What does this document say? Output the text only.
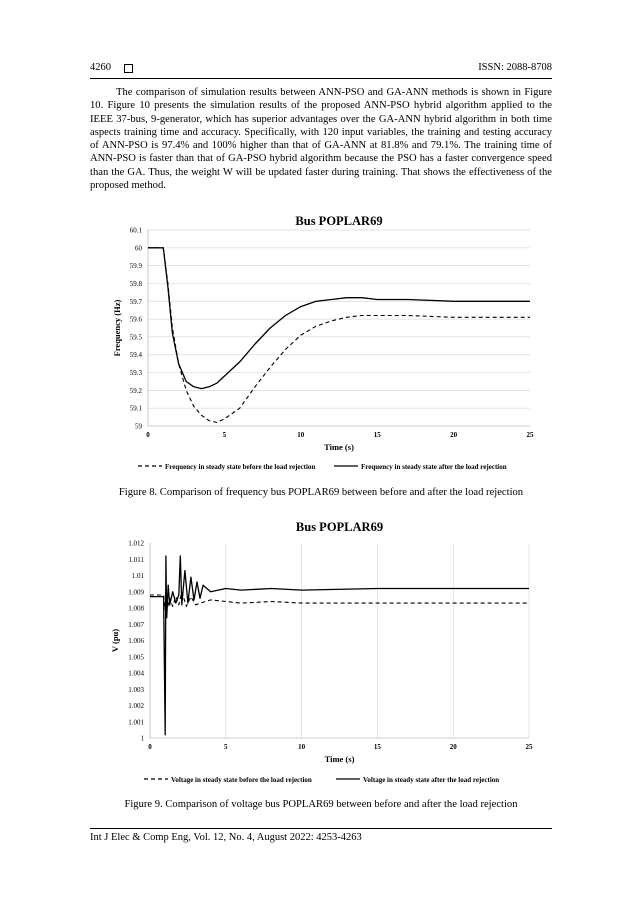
4260	ISSN: 2088-8708

The comparison of simulation results between ANN-PSO and GA-ANN methods is shown in Figure 10. Figure 10 presents the simulation results of the proposed ANN-PSO hybrid algorithm applied to the IEEE 37-bus, 9-generator, which has superior advantages over the GA-ANN hybrid algorithm in both time aspects training time and accuracy. Specifically, with 120 input variables, the training and testing accuracy of ANN-PSO is 97.4% and 100% higher than that of GA-ANN at 81.8% and 79.1%. The training time of ANN-PSO is faster than that of GA-PSO hybrid algorithm because the PSO has a faster convergence speed than the GA. Thus, the weight W will be updated faster during training. That shows the effectiveness of the proposed method.

Bus POPLAR69
59
59.1
59.2
59.3
59.4
59.5
59.6
59.7
59.8
59.9
60
60.1
0	5	10	15	20	25
Time (s)
Frequency (Hz)
Frequency in steady state before the load rejection	Frequency in steady state after the load rejection
Figure 8. Comparison of frequency bus POPLAR69 between before and after the load rejection
Bus POPLAR69
1
1.001
1.002
1.003
1.004
1.005
1.006
1.007
1.008
1.009
1.01
1.011
1.012
0	5	10	15	20	25
Time (s)
V (pu)
Voltage in steady state before the load rejection	Voltage in steady state after the load rejection
Figure 9. Comparison of voltage bus POPLAR69 between before and after the load rejection
Int J Elec & Comp Eng, Vol. 12, No. 4, August 2022: 4253-4263
